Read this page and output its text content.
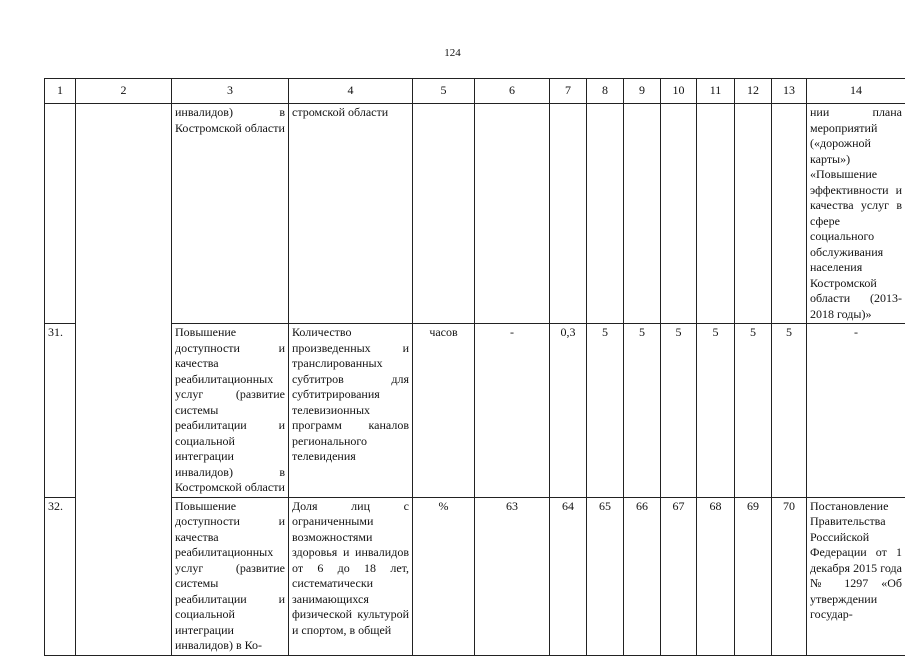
124
1	2	3	4	5	6	7	8	9	10	11	12	13	14
		инвалидов) в Костромской области	стромской области										нии плана мероприятий («дорожной карты») «Повышение эффективности и качества услуг в сфере социального обслуживания населения Костромской области (2013-2018 годы)»
31.		Повышение доступности и качества реабилитационных услуг (развитие системы реабилитации и социальной интеграции инвалидов) в Костромской области	Количество произведенных и транслированных субтитров для субтитрирования телевизионных программ каналов регионального телевидения	часов	-	0,3	5	5	5	5	5	5	-
32.		Повышение доступности и качества реабилитационных услуг (развитие системы реабилитации и социальной интеграции инвалидов) в Ко-	Доля лиц с ограниченными возможностями здоровья и инвалидов от 6 до 18 лет, систематически занимающихся физической культурой и спортом, в общей	%	63	64	65	66	67	68	69	70	Постановление Правительства Российской Федерации от 1 декабря 2015 года № 1297 «Об утверждении государ-
